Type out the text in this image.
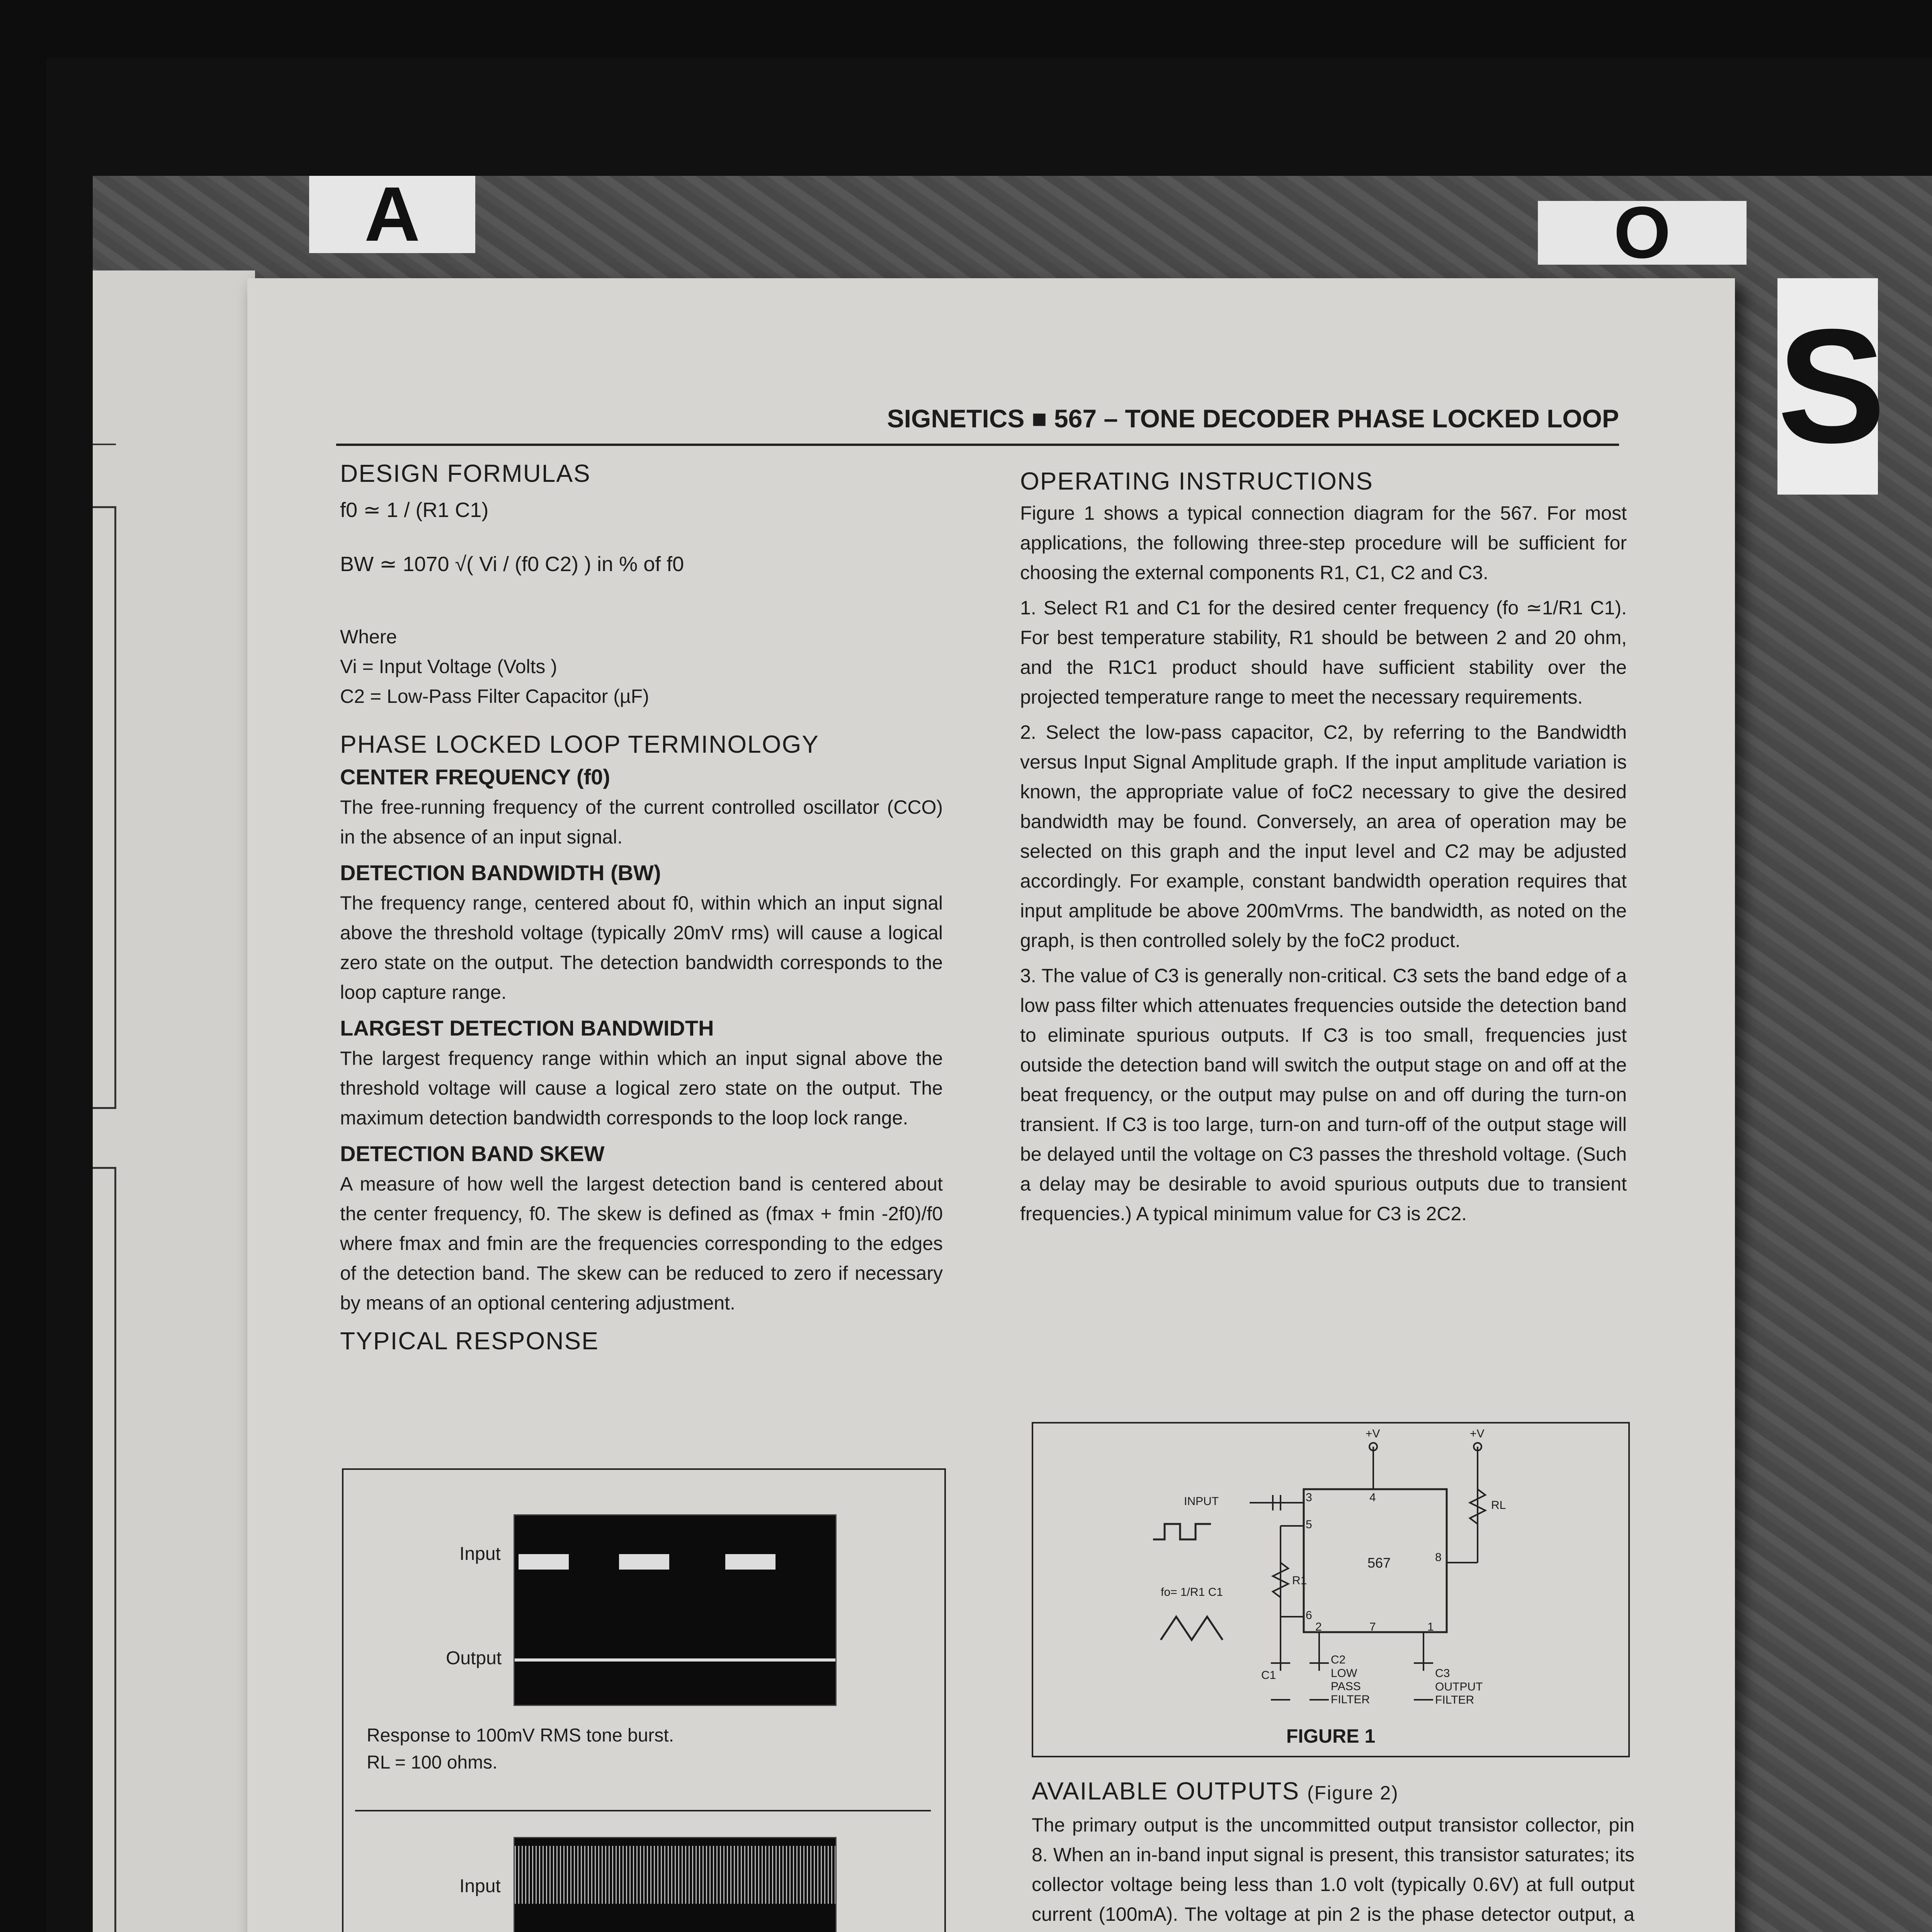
A	O
S
SIGNETICS ■ 567 – TONE DECODER PHASE LOCKED LOOP
DESIGN FORMULAS
f0 ≃ 1 / (R1 C1)
BW ≃ 1070 √( Vi / (f0 C2) ) in % of f0
Where
Vi = Input Voltage (Volts )
C2 = Low-Pass Filter Capacitor (µF)
PHASE LOCKED LOOP TERMINOLOGY
CENTER FREQUENCY (f0)

The free-running frequency of the current controlled oscillator (CCO) in the absence of an input signal.

DETECTION BANDWIDTH (BW)

The frequency range, centered about f0, within which an input signal above the threshold voltage (typically 20mV rms) will cause a logical zero state on the output. The detection bandwidth corresponds to the loop capture range.

LARGEST DETECTION BANDWIDTH

The largest frequency range within which an input signal above the threshold voltage will cause a logical zero state on the output. The maximum detection bandwidth corresponds to the loop lock range.

DETECTION BAND SKEW

A measure of how well the largest detection band is centered about the center frequency, f0. The skew is defined as (fmax + fmin -2f0)/f0 where fmax and fmin are the frequencies corresponding to the edges of the detection band. The skew can be reduced to zero if necessary by means of an optional centering adjustment.

TYPICAL RESPONSE
Input
Output
Response to 100mV RMS tone burst.
RL = 100 ohms.
Input
OPERATING INSTRUCTIONS

Figure 1 shows a typical connection diagram for the 567. For most applications, the following three-step procedure will be sufficient for choosing the external components R1, C1, C2 and C3.

1. Select R1 and C1 for the desired center frequency (fo ≃1/R1 C1). For best temperature stability, R1 should be between 2 and 20 ohm, and the R1C1 product should have sufficient stability over the projected temperature range to meet the necessary requirements.

2. Select the low-pass capacitor, C2, by referring to the Bandwidth versus Input Signal Amplitude graph. If the input amplitude variation is known, the appropriate value of foC2 necessary to give the desired bandwidth may be found. Conversely, an area of operation may be selected on this graph and the input level and C2 may be adjusted accordingly. For example, constant bandwidth operation requires that input amplitude be above 200mVrms. The bandwidth, as noted on the graph, is then controlled solely by the foC2 product.

3. The value of C3 is generally non-critical. C3 sets the band edge of a low pass filter which attenuates frequencies outside the detection band to eliminate spurious outputs. If C3 is too small, frequencies just outside the detection band will switch the output stage on and off at the beat frequency, or the output may pulse on and off during the turn-on transient. If C3 is too large, turn-on and turn-off of the output stage will be delayed until the voltage on C3 passes the threshold voltage. (Such a delay may be desirable to avoid spurious outputs due to transient frequencies.) A typical minimum value for C3 is 2C2.

+V	+V
RL
INPUT
567
R1
fo= 1/R1 C1
C1
C2
LOW PASS FILTER
C3
OUTPUT FILTER
3	4
5
8
6
2	7	1
FIGURE 1
AVAILABLE OUTPUTS (Figure 2)

The primary output is the uncommitted output transistor collector, pin 8. When an in-band input signal is present, this transistor saturates; its collector voltage being less than 1.0 volt (typically 0.6V) at full output current (100mA). The voltage at pin 2 is the phase detector output, a
